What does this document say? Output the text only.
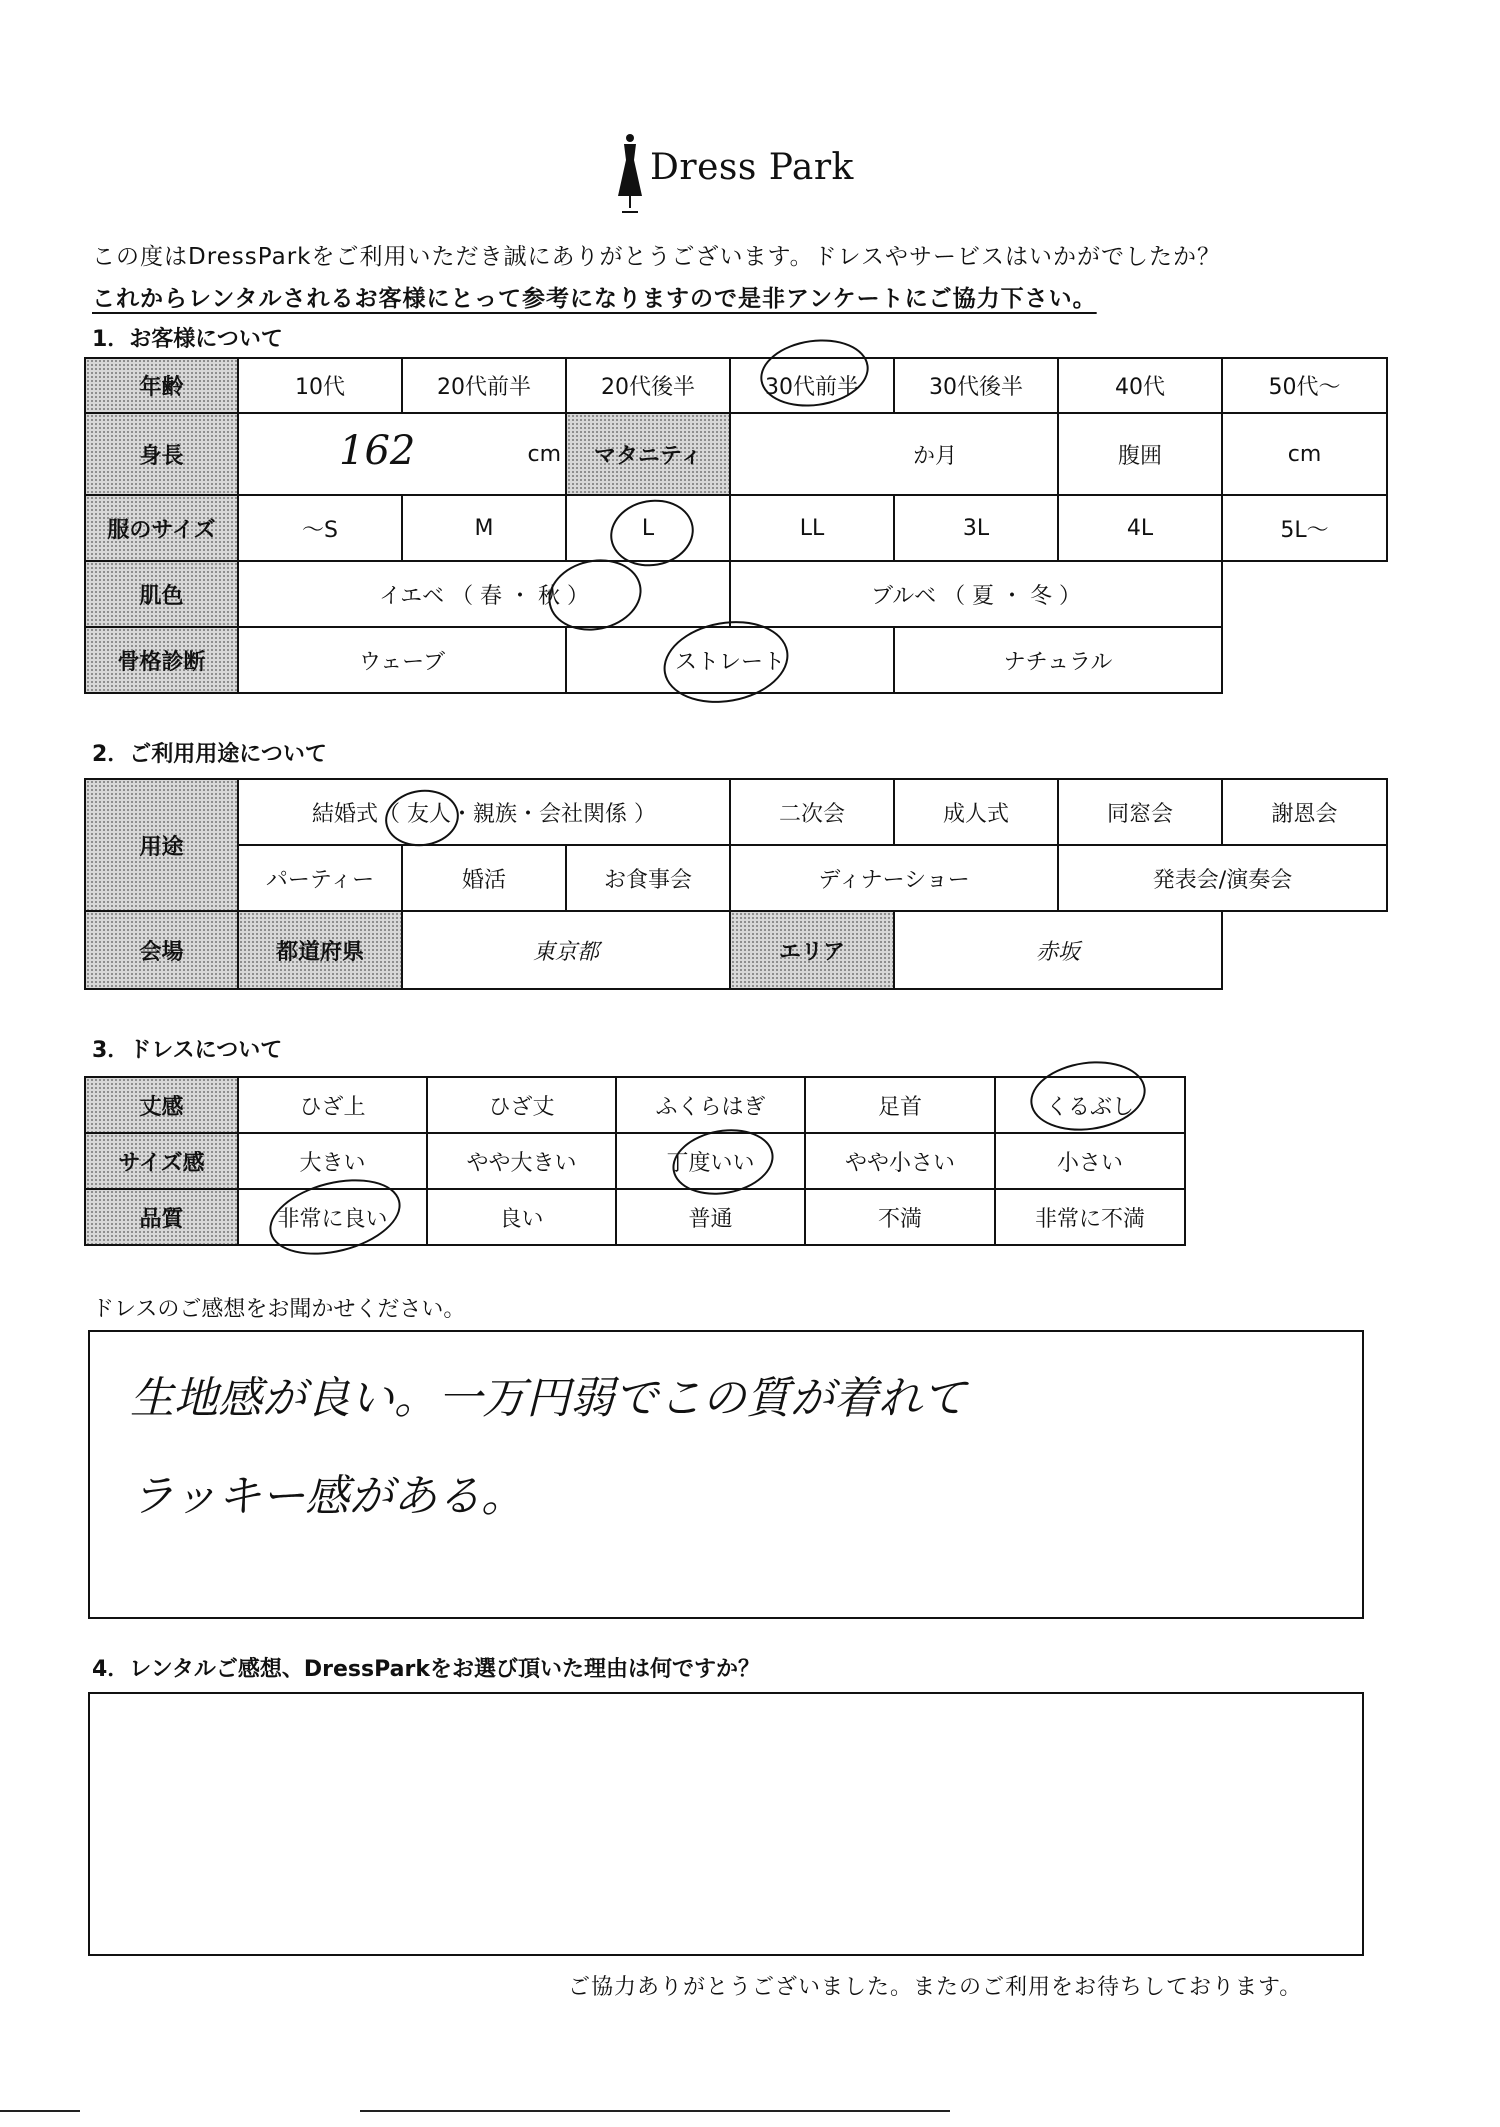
Dress Park
この度はDressParkをご利用いただき誠にありがとうございます。ドレスやサービスはいかがでしたか？
これからレンタルされるお客様にとって参考になりますので是非アンケートにご協力下さい。
1．お客様について
年齢	10代	20代前半	20代後半	30代前半	30代後半	40代	50代〜
身長	162 cm		マタニティ	か月		腹囲	cm
服のサイズ	〜S	M	L	LL	3L	4L	5L〜
肌色	イエベ （ 春 ・ 秋 ）			ブルベ （ 夏 ・ 冬 ）			
骨格診断	ウェーブ		ストレート		ナチュラル		
2．ご利用用途について
用途	結婚式（ 友人・親族・会社関係 ）			二次会	成人式	同窓会	謝恩会
	パーティー	婚活	お食事会	ディナーショー		発表会/演奏会	
会場	都道府県	東京都		エリア	赤坂		
3．ドレスについて
丈感	ひざ上	ひざ丈	ふくらはぎ	足首	くるぶし
サイズ感	大きい	やや大きい	丁度いい	やや小さい	小さい
品質	非常に良い	良い	普通	不満	非常に不満
ドレスのご感想をお聞かせください。
生地感が良い。一万円弱でこの質が着れて
ラッキー感がある。
4．レンタルご感想、DressParkをお選び頂いた理由は何ですか？
ご協力ありがとうございました。またのご利用をお待ちしております。
